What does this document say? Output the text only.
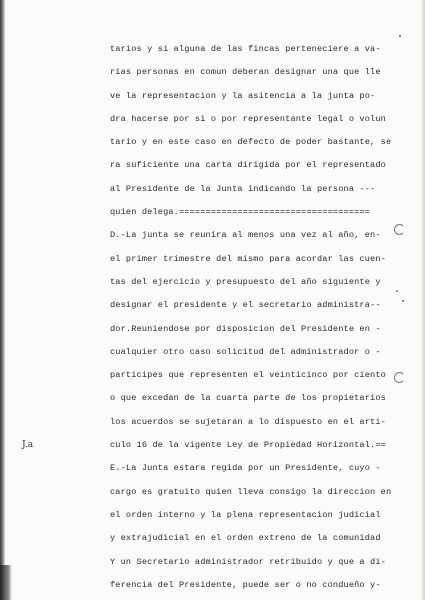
J.a
tarios y si alguna de las fincas perteneciere a va-
rias personas en comun deberan designar una que lle
ve la representacion y la asitencia a la junta po-
dra hacerse por si o por representante legal o volun
tario y en este caso en defecto de poder bastante, se
ra suficiente una carta dirigida por el representado
al Presidente de la Junta indicando la persona ---
quien delega.====================================
D.-La junta se reunira al menos una vez al año, en-
el primer trimestre del mismo para acordar las cuen-
tas del ejercicio y presupuesto del año siguiente y
designar el presidente y el secretario administra--
dor.Reuniendose por disposicion del Presidente en -
cualquier otro caso solicitud del administrador o -
participes que representen el veinticinco por ciento
o que excedan de la cuarta parte de los propietarios
los acuerdos se sujetaran a lo dispuesto en el arti-
culo 16 de la vigente Ley de Propiedad Horizontal.==
E.-La Junta estara regida por un Presidente, cuyo -
cargo es gratuito quien lleva consigo la direccion en
el orden interno y la plena representacion judicial
y extrajudicial en el orden extreno de la comunidad
Y un Secretario administrador retribuido y que a di-
ferencia del Presidente, puede ser o no condueño y-
